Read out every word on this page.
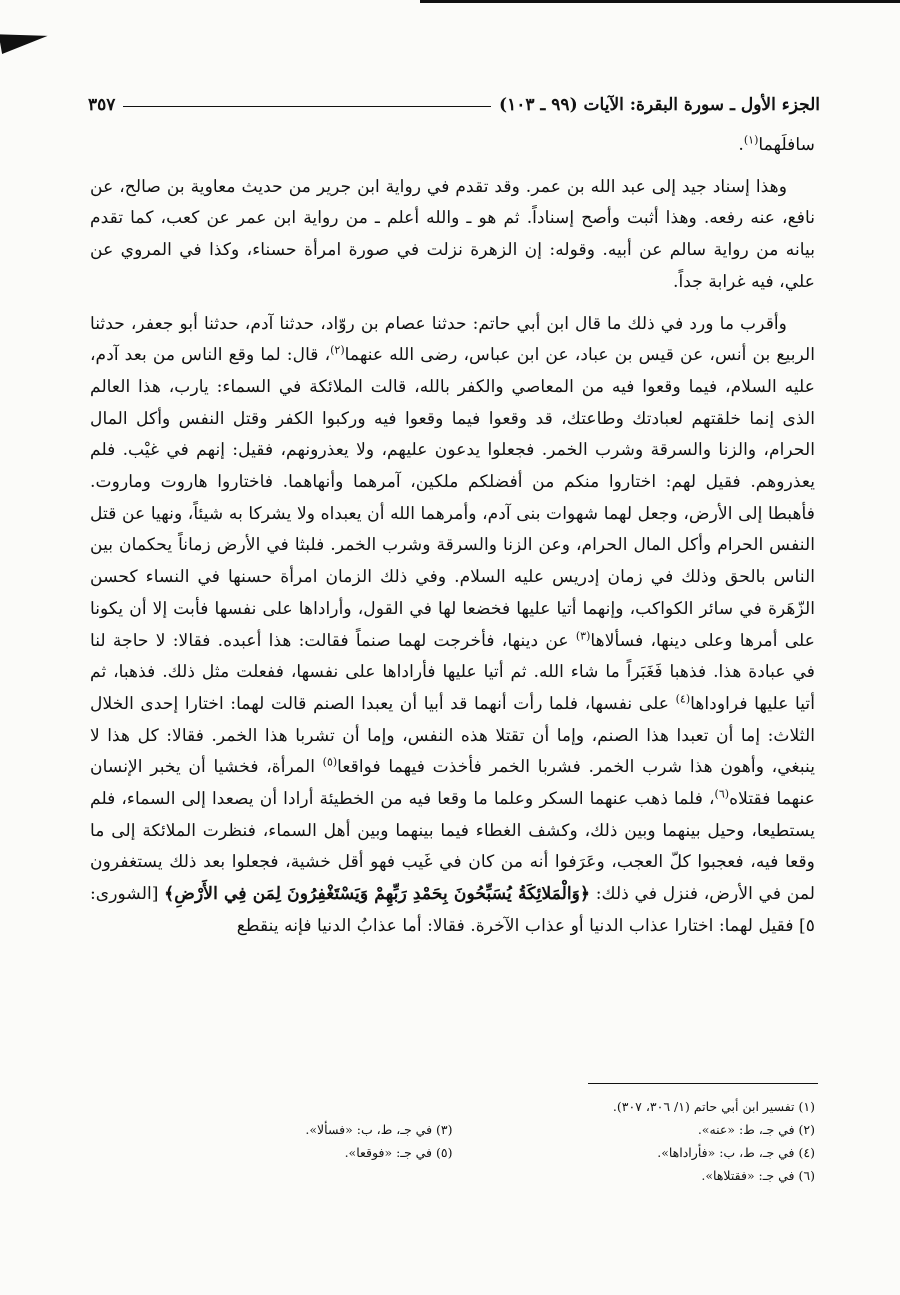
الجزء الأول ـ سورة البقرة: الآيات (٩٩ ـ ١٠٣)
٣٥٧

سافلَهما$^{(١)}$.

وهذا إسناد جيد إلى عبد الله بن عمر. وقد تقدم في رواية ابن جرير من حديث معاوية بن صالح، عن نافع، عنه رفعه. وهذا أثبت وأصح إسناداً. ثم هو ـ والله أعلم ـ من رواية ابن عمر عن كعب، كما تقدم بيانه من رواية سالم عن أبيه. وقوله: إن الزهرة نزلت في صورة امرأة حسناء، وكذا في المروي عن علي، فيه غرابة جداً.

وأقرب ما ورد في ذلك ما قال ابن أبي حاتم: حدثنا عصام بن روّاد، حدثنا آدم، حدثنا أبو جعفر، حدثنا الربيع بن أنس، عن قيس بن عباد، عن ابن عباس، رضى الله عنهما$^{(٢)}$، قال: لما وقع الناس من بعد آدم، عليه السلام، فيما وقعوا فيه من المعاصي والكفر بالله، قالت الملائكة في السماء: يارب، هذا العالم الذى إنما خلقتهم لعبادتك وطاعتك، قد وقعوا فيما وقعوا فيه وركبوا الكفر وقتل النفس وأكل المال الحرام، والزنا والسرقة وشرب الخمر. فجعلوا يدعون عليهم، ولا يعذرونهم، فقيل: إنهم في غيْب. فلم يعذروهم. فقيل لهم: اختاروا منكم من أفضلكم ملكين، آمرهما وأنهاهما. فاختاروا هاروت وماروت. فأهبطا إلى الأرض، وجعل لهما شهوات بنى آدم، وأمرهما الله أن يعبداه ولا يشركا به شيئاً، ونهيا عن قتل النفس الحرام وأكل المال الحرام، وعن الزنا والسرقة وشرب الخمر. فلبثا في الأرض زماناً يحكمان بين الناس بالحق وذلك في زمان إدريس عليه السلام. وفي ذلك الزمان امرأة حسنها في النساء كحسن الزّهَرة في سائر الكواكب، وإنهما أتيا عليها فخضعا لها في القول، وأراداها على نفسها فأبت إلا أن يكونا على أمرها وعلى دينها، فسألاها$^{(٣)}$ عن دينها، فأخرجت لهما صنماً فقالت: هذا أعبده. فقالا: لا حاجة لنا في عبادة هذا. فذهبا فَغَبَراً ما شاء الله. ثم أتيا عليها فأراداها على نفسها، ففعلت مثل ذلك. فذهبا، ثم أتيا عليها فراوداها$^{(٤)}$ على نفسها، فلما رأت أنهما قد أبيا أن يعبدا الصنم قالت لهما: اختارا إحدى الخلال الثلاث: إما أن تعبدا هذا الصنم، وإما أن تقتلا هذه النفس، وإما أن تشربا هذا الخمر. فقالا: كل هذا لا ينبغي، وأهون هذا شرب الخمر. فشربا الخمر فأخذت فيهما فواقعا$^{(٥)}$ المرأة، فخشيا أن يخبر الإنسان عنهما فقتلاه$^{(٦)}$، فلما ذهب عنهما السكر وعلما ما وقعا فيه من الخطيئة أرادا أن يصعدا إلى السماء، فلم يستطيعا، وحيل بينهما وبين ذلك، وكشف الغطاء فيما بينهما وبين أهل السماء، فنظرت الملائكة إلى ما وقعا فيه، فعجبوا كلّ العجب، وعَرَفوا أنه من كان في غَيب فهو أقل خشية، فجعلوا بعد ذلك يستغفرون لمن في الأرض، فنزل في ذلك: ﴿وَالْمَلائِكَةُ يُسَبِّحُونَ بِحَمْدِ رَبِّهِمْ وَيَسْتَغْفِرُونَ لِمَن فِي الأَرْضِ﴾ [الشورى: ٥] فقيل لهما: اختارا عذاب الدنيا أو عذاب الآخرة. فقالا: أما عذابُ الدنيا فإنه ينقطع

(١) تفسير ابن أبي حاتم (١/ ٣٠٦، ٣٠٧).
(٢) في جـ، ط: «عنه».
(٣) في جـ، ط، ب: «فسألا».
(٤) في جـ، ط، ب: «فأراداها».
(٥) في جـ: «فوقعا».
(٦) في جـ: «فقتلاها».
